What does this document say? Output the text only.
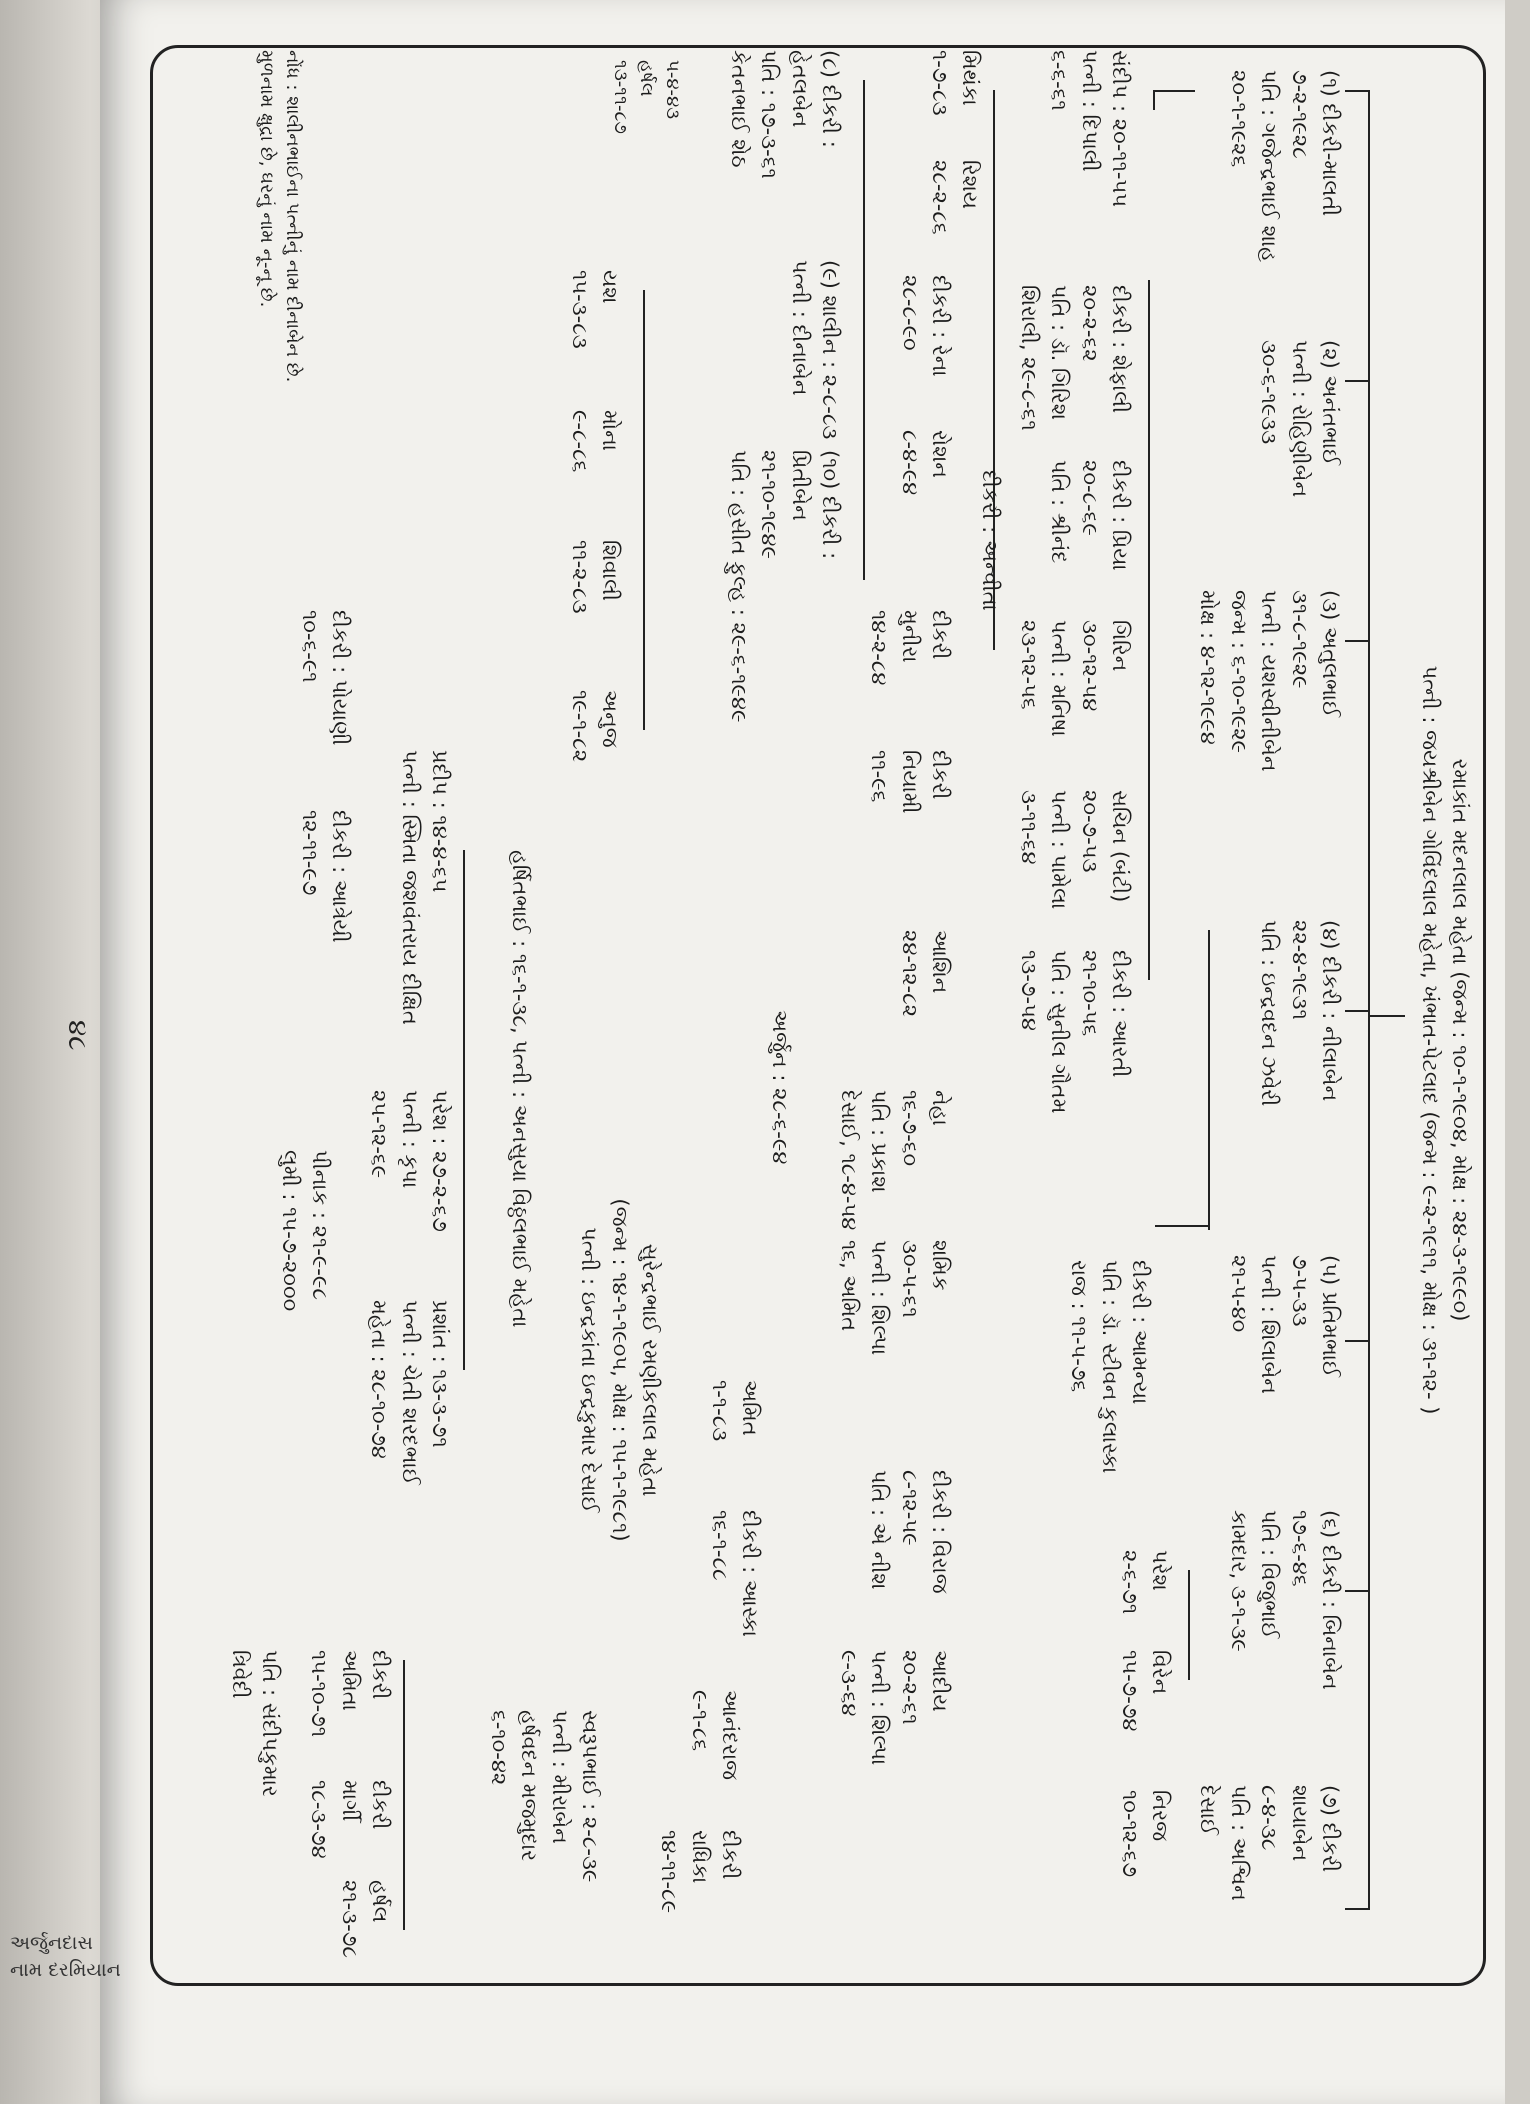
અર્જુનદાસ
નામ દરમિયાન
રમાકાંત મદનલાલ મહેતા (જન્મ : ૧૦-૧-૧૯૦૪, મોક્ષ : ૨૪-૩-૧૯૯૦)
પત્ની : જયશ્રીબેન ગોવિંદલાલ મહેતા, ખંભાત-પેટલાદ (જન્મ : ૯-૨-૧૯૧૧, મોક્ષ : ૩૧-૧૨- )
(૧) દીકરી-માલતી
૭-૨-૧૯૨૮
પતિ : ગજેન્દ્રભાઈ શાહ
૨૦-૧-૧૯૨૬
(૨) અનંતભાઈ
પત્ની : રોહિણીબેન
૩૦-૬-૧૯૩૩
(૩) અતુલભાઈ
૩૧-૮-૧૯૨૯
પત્ની : યશસ્વીનીબેન
જન્મ : ૬-૧૦-૧૯૨૯
મોક્ષ : ૪-૧૨-૧૯૯૪
(૪) દીકરી : નીલાબેન
૨૨-૪-૧૯૩૧
પતિ : ઇન્દ્રવદન ઝવેરી
(૫) પ્રતિમભાઈ
૭-૫-૩૩
પત્ની : શિલાબેન
૨૧-૫-૪૦
(૬) દીકરી : બિનાબેન
૧૭-૬-૪૬
પતિ : વિજુભાઈ
કામદાર, ૩-૧-૩૯
(૭) દીકરી
શાયાબેન
૮-૪-૩૮
પતિ : અશ્વિન
દેસાઈ
સંદીપ : ૨૦-૧૧-૫૫
પત્ની : દિપાલી
૬-૬-૬૧
દીકરી : શેફાલી
૨૦-૨-૬૨
પતિ : ડૉ. ગિરિશ
શિરાલી, ૨૯-૮-૬૧
દીકરી : પ્રિયા
૨૦-૮-૬૯
પતિ : શ્રીનંદ
ગિરિન
૩૦-૧૨-૫૪
પત્ની : મનિષા
૨૩-૧૨-૫૬
સચિન (બંટી)
૨૦-૭-૫૩
પત્ની : પામેલા
૩-૧૧-૬૪
દીકરી : આરતી
૨૧-૧૦-૫૬
પતિ : સુનીલ ગૌતમ
૧૩-૭-૫૪
દીકરી : આમન્યા
પતિ : ડૉ. સ્ટીવન કુલાસ્કા
રાજ : ૧૧-૫-૭૬
પરેશ
૨-૬-૭૧
વિરેન
૧૫-૭-૭૪
નિરજ
૧૦-૧૨-૬૭
મિથંકા
૧-૭-૮૩
રિશય
૨૮-૨-૮૬
દીકરી : રેના
૨૮-૮-૯૦
રોશન
૮-૪-૯૪
દીકરી : અન્વીતા
દીકરી
મુનીરા
૧૪-૨-૮૪
દીકરી
નિયામી
૧૧-૯૬
આશિન
૨૪-૧૨-૮૨
નેહા
૧૬-૭-૬૦
પતિ : પ્રકાશ
દેસાઈ, ૧૮-૪-૫૪
શમિક
૩૦-૫-૬૧
પત્ની : શિલ્પા
૧૬, અમિત
દીકરી : વિરાજ
૮-૧૨-૫૯
પતિ : એ નીશ
આદીય
૨૦-૨-૬૧
પત્ની : શિલ્પા
૯-૩-૬૪
અર્જુન : ૨૮-૬-૯૪
અમિત
૧-૧-૮૩
દીકરી : આસ્કા
૧૬-૧-૮૮
આનંદરાજ
૯-૧-૮૬
દીકરી
રાધિકા
૧૪-૧૧-૮૯
(૮) દીકરી :
હેતલબેન
પતિ : ૧૭-૩-૬૧
કેતનભાઈ શેઠ
૫-૪-૪૩
હર્ષલ
૧૩-૧૧-૮૭
(૯) શાલીન : ૨-૮-૮૩
પત્ની : દીનાબેન
(૧૦) દીકરી :
પ્રિતીબેન
૨૧-૧૦-૧૯૪૯
પતિ : હસીત ફુલ્હ : ૨૯-૬-૧૯૪૯
યશ
૧૫-૩-૮૩
મોના
૯-૮-૮૬
શિવાલી
૧૧-૨-૮૩
અનુજ
૧૯-૧-૮૨
સુરેન્દ્રભાઈ રમણીકલાલ મહેતા
(જન્મ : ૧૪-૧-૧૯૦૫, મોક્ષ : ૧૫-૧-૧૯૮૧)
પત્ની : ઇન્દ્રકાંતા ઇન્દ્રકુમાર દેસાઈ
હર્ષિતભાઈ : ૧૬-૧-૩૮, પત્ની : અનસુયા વિઠ્ઠલભાઈ મહેતા
પ્રદીપ : ૧૪-૪-૬૫
પત્ની : સ્મિતા જશવંતરાય દીક્ષિત
પરેશ : ૨૭-૨-૬૭
પત્ની : કૃપા
૨૫-૧૨-૬૯
પ્રશાંત : ૧૩-૩-૭૧
પત્ની : ચેતી શરદભાઈ
મહેતા : ૨૮-૧૦-૭૪
સ્વરૂપભાઈ : ૨-૮-૩૯
પત્ની : મીરાબેન
હર્ષવદન મજમુદાર
૬-૧૦-૪૨
દીકરી
અમિતા
૧૫-૧૦-૭૧
દીકરી
માર્ગી
૧૮-૩-૭૪
હર્ષલ
૨૧-૩-૭૮
પતિ : સંદીપકુમાર
ત્રિવેદી
દીકરી : પોયાણી
૧૦-૬-૯૧
દીકરી : આત્રેયી
૧૨-૧૧-૯૭
પીનાક : ૨૧-૯-૯૮
લુમી : ૧૫-૭-૨૦૦૦
નોંધ : શાલીનભાઈના પત્નીનું નામ દીનાબેન છે.
મુળનામ ક્ષુદ્રા છે, ઘરનું નામ નૂ-નૂ છે.
૪૮
